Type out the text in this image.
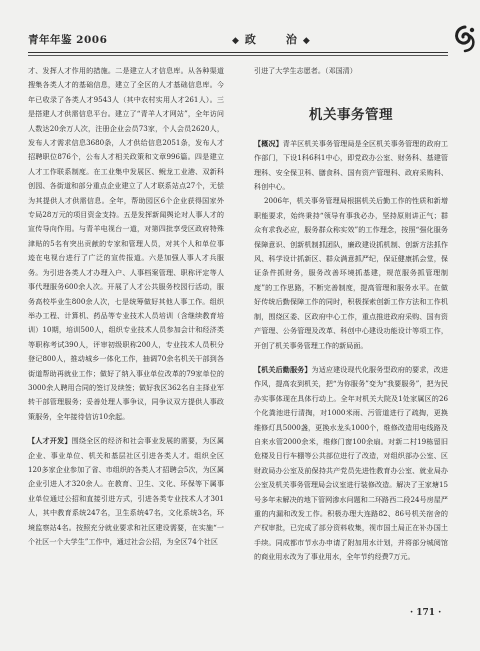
青年年鉴 2006	◆ 政	治 ◆

才、发挥人才作用的措施。二是建立人才信息库。从各种渠道搜集各类人才的基础信息，建立了全区的人才基础信息库。今年已收录了各类人才9543人（其中农村实用人才261人）。三是搭建人才供需信息平台。建立了“青羊人才网站”，全年访问人数达20余万人次，注册企业会员73家，个人会员2620人，发布人才需求信息3680条，人才供给信息2051条，发布人才招聘职位876个，公布人才相关政策和文章996篇。四是建立人才工作联系制度。在工业集中发展区、鲵龙工业港、双新科创园、各街道和部分重点企业建立了人才联系站点27个，无偿为其提供人才供需信息。全年，帮助园区6个企业获得国家外专局28万元的项目资金支持。五是发挥新闻舆论对人事人才的宣传导向作用。与青羊电视台一道，对第四批享受区政府特殊津贴的5名有突出贡献的专家和管理人员，对其个人和单位事迹在电视台进行了广泛的宣传报道。六是加强人事人才兵服务。为引进各类人才办理入户、人事档案管理、职称评定等人事代理服务600余人次。开展了人才公共服务校园行活动，服务高校毕业生800余人次，七是统筹做好其他人事工作。组织举办工程、计算机、药品等专业技术人员培训（含继续教育培训）10期，培训500人，组织专业技术人员参加会计和经济类等职称考试390人，评审初级职称200人，专业技术人员积分登记800人，推动城乡一体化工作，抽调70余名机关干部到各街道帮助再就业工作；做好了纳入事业单位改革的79家单位的3000余人聘用合同的签订及续签；做好我区362名自主择业军转干部管理服务；妥善处理人事争议，同争议双方提供人事政策服务，全年接待信访10余起。

【人才开发】围绕全区的经济和社会事业发展的需要，为区属企业、事业单位、机关和基层社区引进各类人才。组织全区120多家企业参加了省、市组织的各类人才招聘会5次，为区属企业引进人才320余人。在教育、卫生、文化、环保等下属事业单位通过公招和直接引进方式，引进各类专业技术人才301人，其中教育系统247名，卫生系统47名，文化系统3名，环境监察站4名。按照充分就业要求和社区建设需要，在实施“一个社区一个大学生”工作中，通过社会公招，为全区74个社区

引进了大学生志愿者。（邓国清）

机关事务管理

【概况】青羊区机关事务管理局是全区机关事务管理的政府工作部门，下设1科6科1中心，即党政办公室、财务科、基建管理科、安全保卫科、膳食科、国有资产管理科、政府采购科、科创中心。

2006年，机关事务管理局根据机关后勤工作的性质和新增职能要求，始终秉持“领导有事我必办，坚持原则讲正气；群众有求我必应，服务群众称实效”的工作理念，按照“强化服务保障意识、创新机制抓团队，廉政建设抓机制、创新方法抓作风、科学设计抓新区、群众满意抓严纪，保证健康抓会堂，保证条件抓财务，服务改善环境抓基建，规范服务抓管理制度”的工作思路，不断完善制度，提高管理和服务水平。在做好传统后勤保障工作的同时，积极探索创新工作方法和工作机制，围绕区委、区政府中心工作，重点推进政府采购、国有资产管理、公务管理及改革、科创中心建设功能设计等项工作，开创了机关事务管理工作的新局面。

【机关后勤服务】为适应建设现代化服务型政府的要求，改进作风，提高农到机关，把“为你服务”变为“我要服务”，把为民办实事体现在具体行动上。全年对机关大院及1处家属区的26个化粪池进行清掏，对1000米雨、污管道进行了疏掏，更换维修灯具5000盏，更换水龙头1000个，维修改造用电线路及自来水管2000余米，维修门窗100余扇。对新二村19栋留旧危楼及日行车棚等公共部位进行了改造，对组织部办公室、区财政局办公室及前保持共产党员先进性教育办公室、就业局办公室及机关事务管理局会议室进行装修改造。解决了王家塘15号多年未解决的地下管网渗水问题和二环路西二段24号房屋严重的内漏和改发工作。积极办理大连路82、86号机关宿舍的产权审批，已完成了部分资料收集，视市国土局正在补办国土手续。同成都市节水办申请了附加用水计划，并将部分城阅馆的商业用水改为了事业用水，全年节约经费7万元。

· 171 ·
